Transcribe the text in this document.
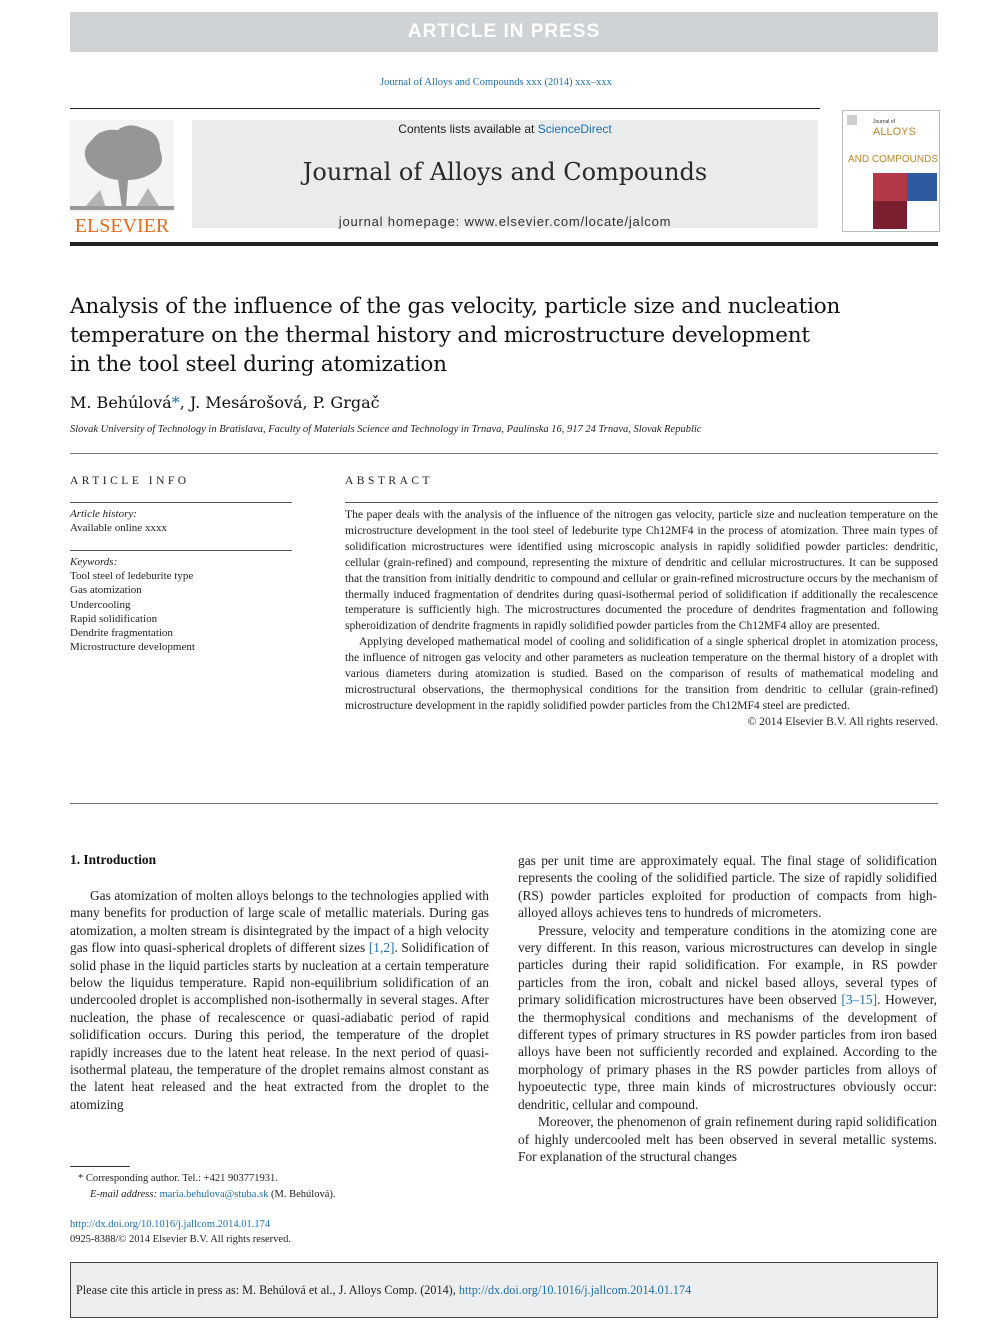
ARTICLE IN PRESS
Journal of Alloys and Compounds xxx (2014) xxx–xxx
ELSEVIER
Contents lists available at ScienceDirect
Journal of Alloys and Compounds
journal homepage: www.elsevier.com/locate/jalcom
Journal of
ALLOYS
AND COMPOUNDS
Analysis of the influence of the gas velocity, particle size and nucleation
temperature on the thermal history and microstructure development
in the tool steel during atomization
M. Behúlová*, J. Mesárošová, P. Grgač
Slovak University of Technology in Bratislava, Faculty of Materials Science and Technology in Trnava, Paulínska 16, 917 24 Trnava, Slovak Republic
ARTICLE INFO
Article history:
Available online xxxx
Keywords:
Tool steel of ledeburite type
Gas atomization
Undercooling
Rapid solidification
Dendrite fragmentation
Microstructure development
ABSTRACT

The paper deals with the analysis of the influence of the nitrogen gas velocity, particle size and nucleation temperature on the microstructure development in the tool steel of ledeburite type Ch12MF4 in the process of atomization. Three main types of solidification microstructures were identified using microscopic analysis in rapidly solidified powder particles: dendritic, cellular (grain-refined) and compound, representing the mixture of dendritic and cellular microstructures. It can be supposed that the transition from initially dendritic to compound and cellular or grain-refined microstructure occurs by the mechanism of thermally induced fragmentation of dendrites during quasi-isothermal period of solidification if additionally the recalescence temperature is sufficiently high. The microstructures documented the procedure of dendrites fragmentation and following spheroidization of dendrite fragments in rapidly solidified powder particles from the Ch12MF4 alloy are presented.

Applying developed mathematical model of cooling and solidification of a single spherical droplet in atomization process, the influence of nitrogen gas velocity and other parameters as nucleation temperature on the thermal history of a droplet with various diameters during atomization is studied. Based on the comparison of results of mathematical modeling and microstructural observations, the thermophysical conditions for the transition from dendritic to cellular (grain-refined) microstructure development in the rapidly solidified powder particles from the Ch12MF4 steel are predicted.

© 2014 Elsevier B.V. All rights reserved.
1. Introduction

Gas atomization of molten alloys belongs to the technologies applied with many benefits for production of large scale of metallic materials. During gas atomization, a molten stream is disintegrated by the impact of a high velocity gas flow into quasi-spherical droplets of different sizes [1,2]. Solidification of solid phase in the liquid particles starts by nucleation at a certain temperature below the liquidus temperature. Rapid non-equilibrium solidification of an undercooled droplet is accomplished non-isothermally in several stages. After nucleation, the phase of recalescence or quasi-adiabatic period of rapid solidification occurs. During this period, the temperature of the droplet rapidly increases due to the latent heat release. In the next period of quasi-isothermal plateau, the temperature of the droplet remains almost constant as the latent heat released and the heat extracted from the droplet to the atomizing

gas per unit time are approximately equal. The final stage of solidification represents the cooling of the solidified particle. The size of rapidly solidified (RS) powder particles exploited for production of compacts from high-alloyed alloys achieves tens to hundreds of micrometers.

Pressure, velocity and temperature conditions in the atomizing cone are very different. In this reason, various microstructures can develop in single particles during their rapid solidification. For example, in RS powder particles from the iron, cobalt and nickel based alloys, several types of primary solidification microstructures have been observed [3–15]. However, the thermophysical conditions and mechanisms of the development of different types of primary structures in RS powder particles from iron based alloys have been not sufficiently recorded and explained. According to the morphology of primary phases in the RS powder particles from alloys of hypoeutectic type, three main kinds of microstructures obviously occur: dendritic, cellular and compound.

Moreover, the phenomenon of grain refinement during rapid solidification of highly undercooled melt has been observed in several metallic systems. For explanation of the structural changes

* Corresponding author. Tel.: +421 903771931.
E-mail address: maria.behulova@stuba.sk (M. Behúlová).
http://dx.doi.org/10.1016/j.jallcom.2014.01.174
0925-8388/© 2014 Elsevier B.V. All rights reserved.
Please cite this article in press as: M. Behúlová et al., J. Alloys Comp. (2014), http://dx.doi.org/10.1016/j.jallcom.2014.01.174
